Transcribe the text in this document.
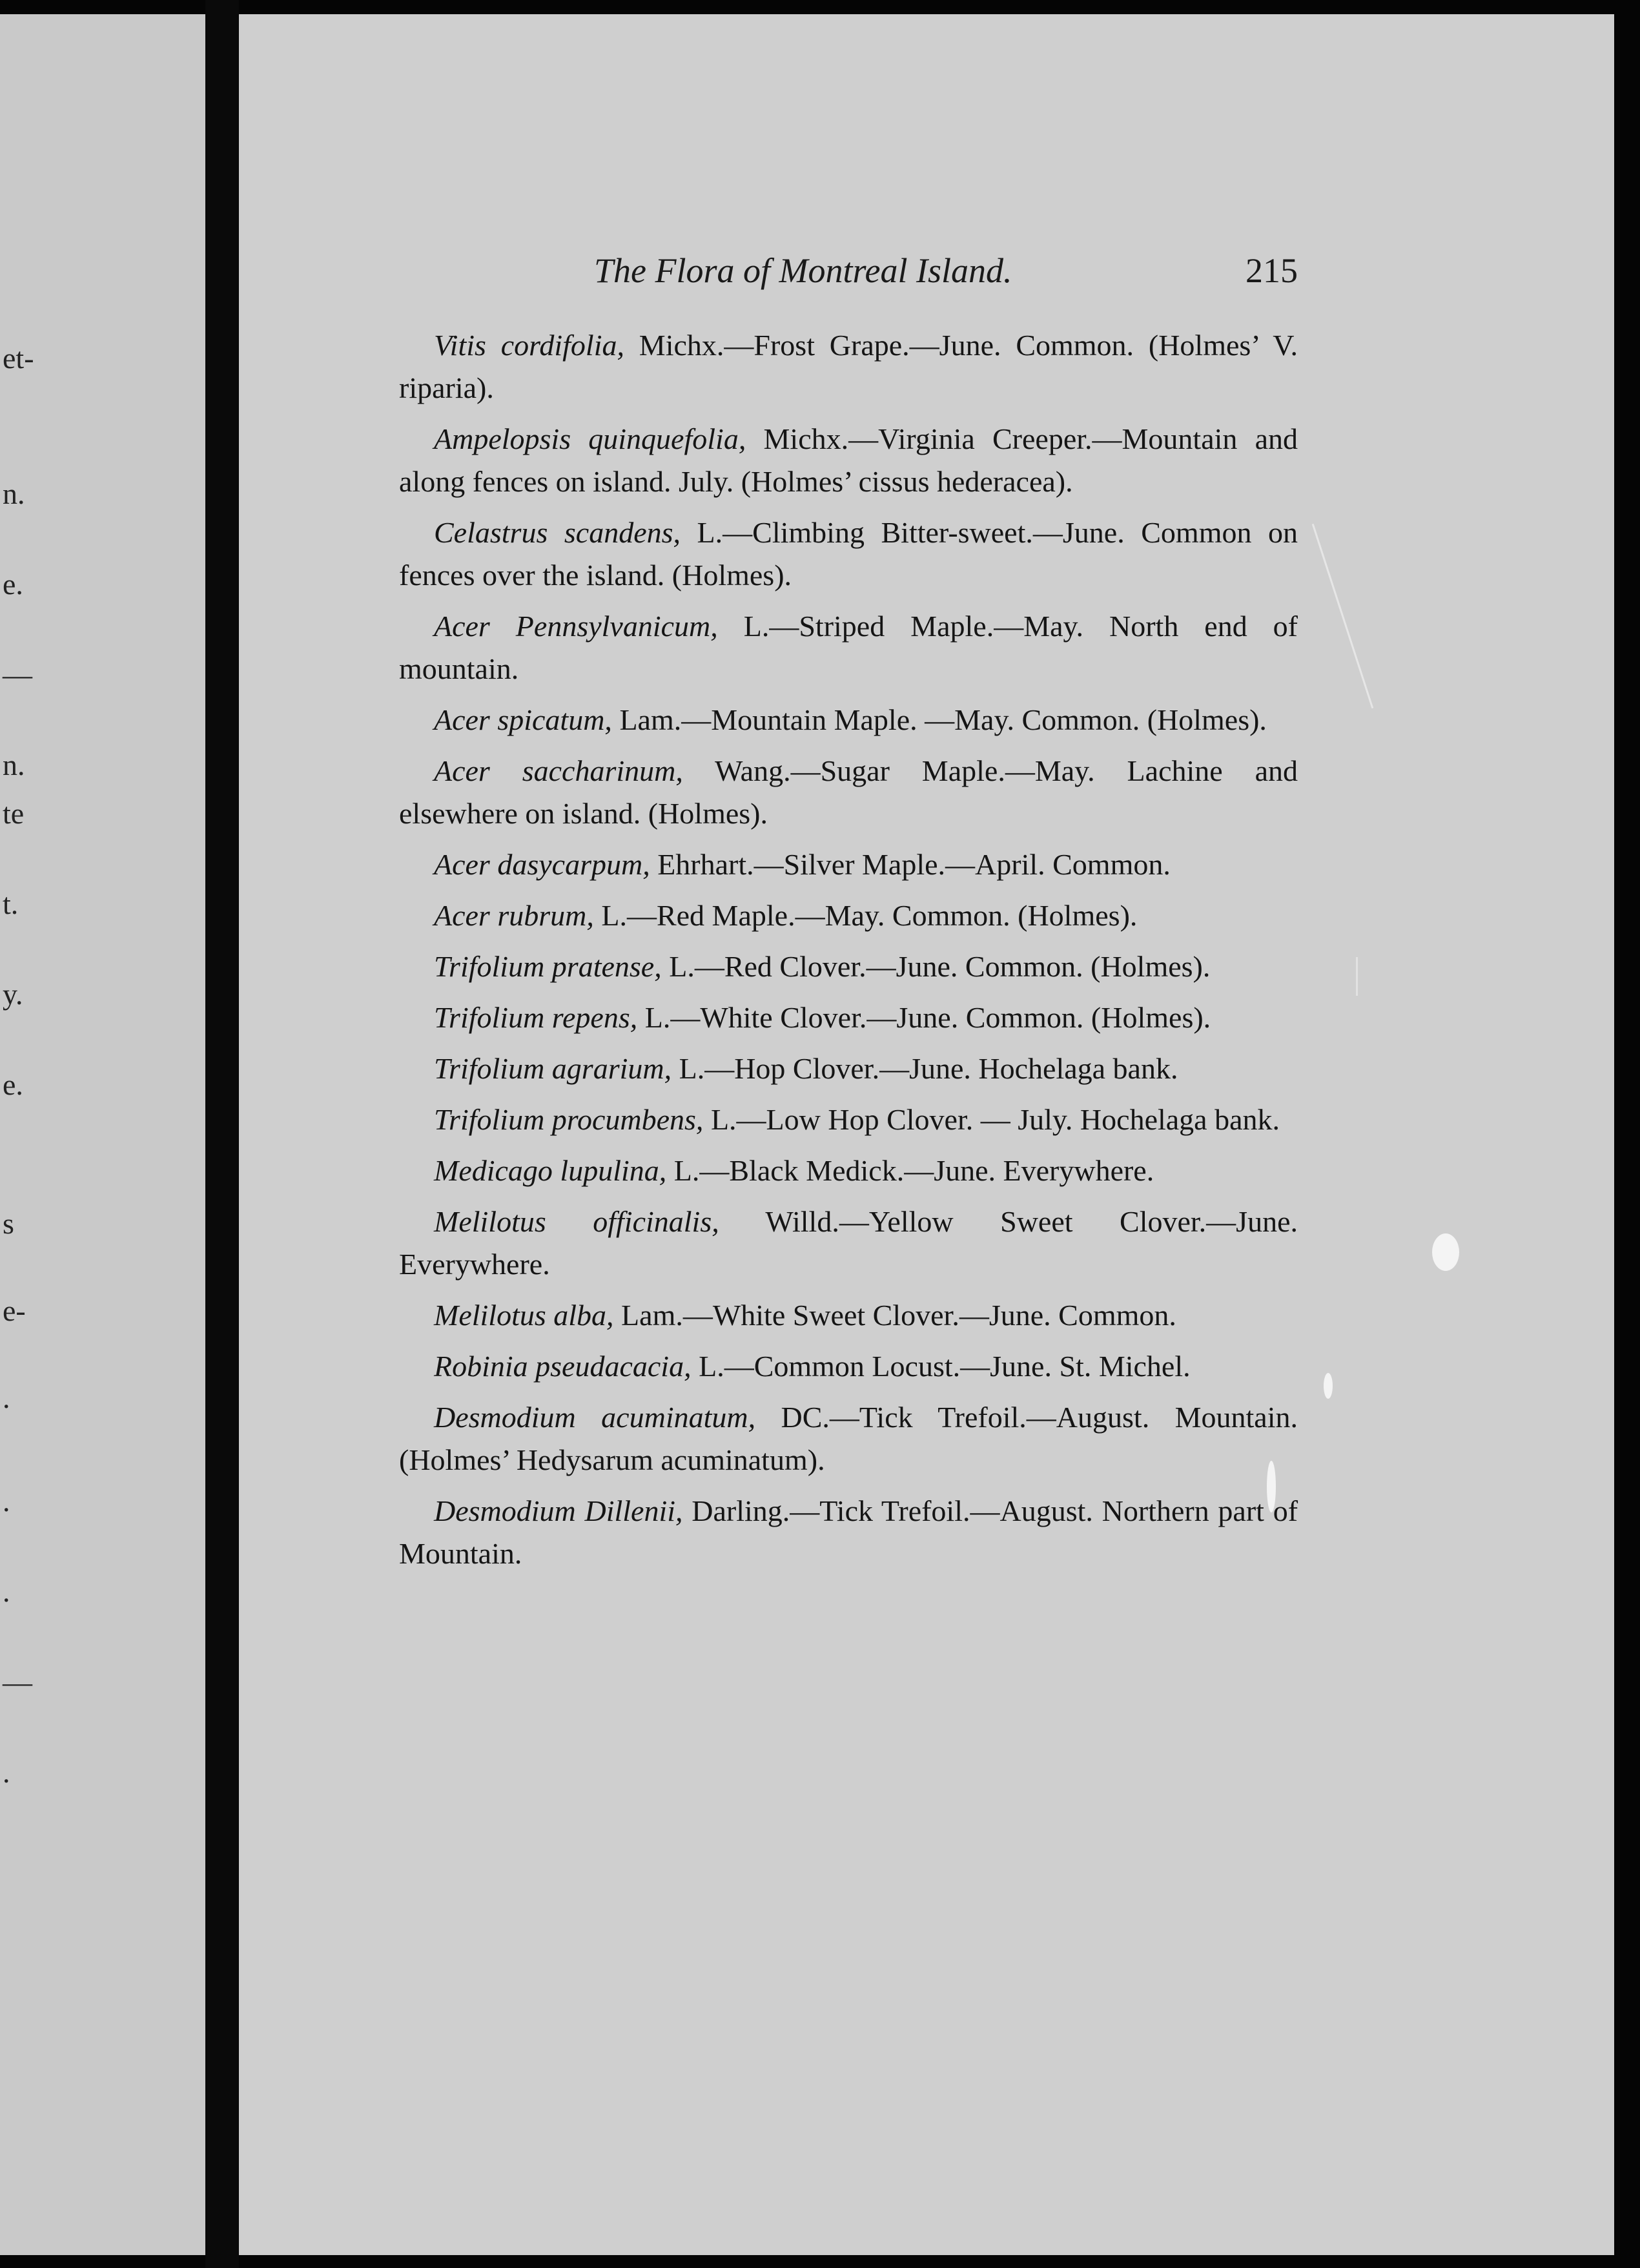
et-
n.
e.
—
n.
te
t.
y.
e.
s
e-
.
.
.
—
.
The Flora of Montreal Island.	215

Vitis cordifolia, Michx.—Frost Grape.—June. Common. (Holmes’ V. riparia).

Ampelopsis quinquefolia, Michx.—Virginia Creeper.—Mountain and along fences on island. July. (Holmes’ cissus hederacea).

Celastrus scandens, L.—Climbing Bitter-sweet.—June. Common on fences over the island. (Holmes).

Acer Pennsylvanicum, L.—Striped Maple.—May. North end of mountain.

Acer spicatum, Lam.—Mountain Maple. —May. Common. (Holmes).

Acer saccharinum, Wang.—Sugar Maple.—May. Lachine and elsewhere on island. (Holmes).

Acer dasycarpum, Ehrhart.—Silver Maple.—April. Common.

Acer rubrum, L.—Red Maple.—May. Common. (Holmes).

Trifolium pratense, L.—Red Clover.—June. Common. (Holmes).

Trifolium repens, L.—White Clover.—June. Common. (Holmes).

Trifolium agrarium, L.—Hop Clover.—June. Hochelaga bank.

Trifolium procumbens, L.—Low Hop Clover. — July. Hochelaga bank.

Medicago lupulina, L.—Black Medick.—June. Everywhere.

Melilotus officinalis, Willd.—Yellow Sweet Clover.—June. Everywhere.

Melilotus alba, Lam.—White Sweet Clover.—June. Common.

Robinia pseudacacia, L.—Common Locust.—June. St. Michel.

Desmodium acuminatum, DC.—Tick Trefoil.—August. Mountain. (Holmes’ Hedysarum acuminatum).

Desmodium Dillenii, Darling.—Tick Trefoil.—August. Northern part of Mountain.
